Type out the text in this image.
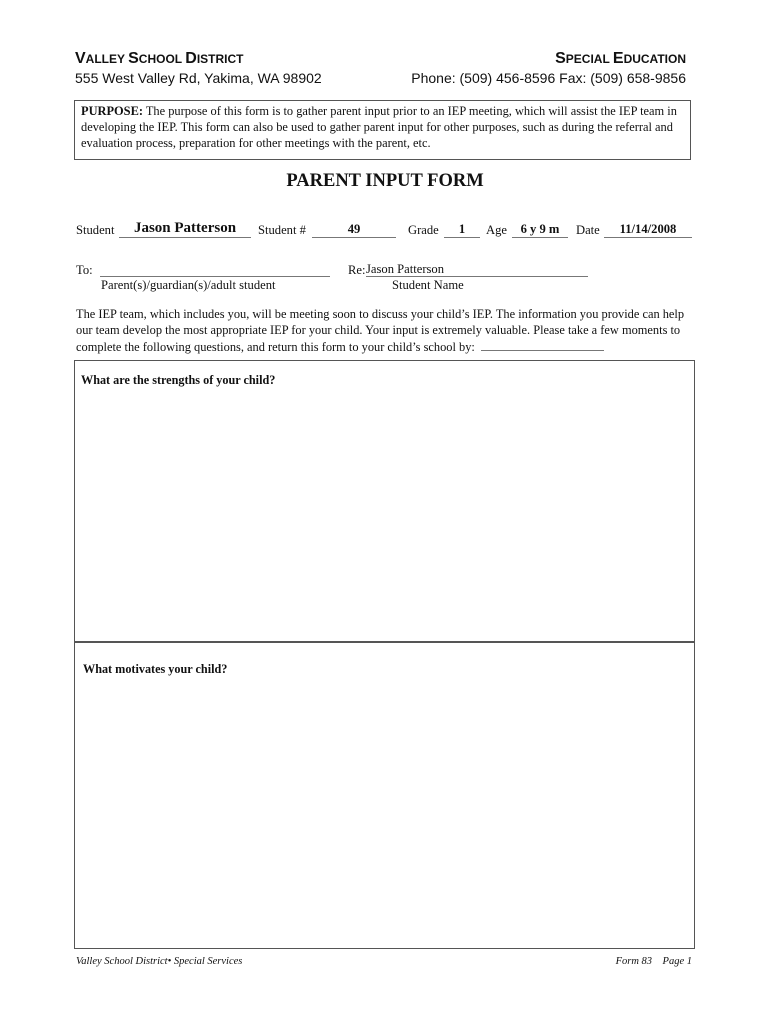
VALLEY SCHOOL DISTRICT	SPECIAL EDUCATION
555 West Valley Rd, Yakima, WA 98902	Phone: (509) 456-8596 Fax: (509) 658-9856
PURPOSE: The purpose of this form is to gather parent input prior to an IEP meeting, which will assist the IEP team in developing the IEP. This form can also be used to gather parent input for other purposes, such as during the referral and evaluation process, preparation for other meetings with the parent, etc.
PARENT INPUT FORM
Student	Jason Patterson	Student #	49	Grade	1	Age	6 y 9 m	Date	11/14/2008
To:
Parent(s)/guardian(s)/adult student
Re: Jason Patterson
Student Name
The IEP team, which includes you, will be meeting soon to discuss your child’s IEP. The information you provide can help our team develop the most appropriate IEP for your child. Your input is extremely valuable. Please take a few moments to complete the following questions, and return this form to your child’s school by:
What are the strengths of your child?
What motivates your child?
Valley School District• Special Services	Form 83    Page 1
